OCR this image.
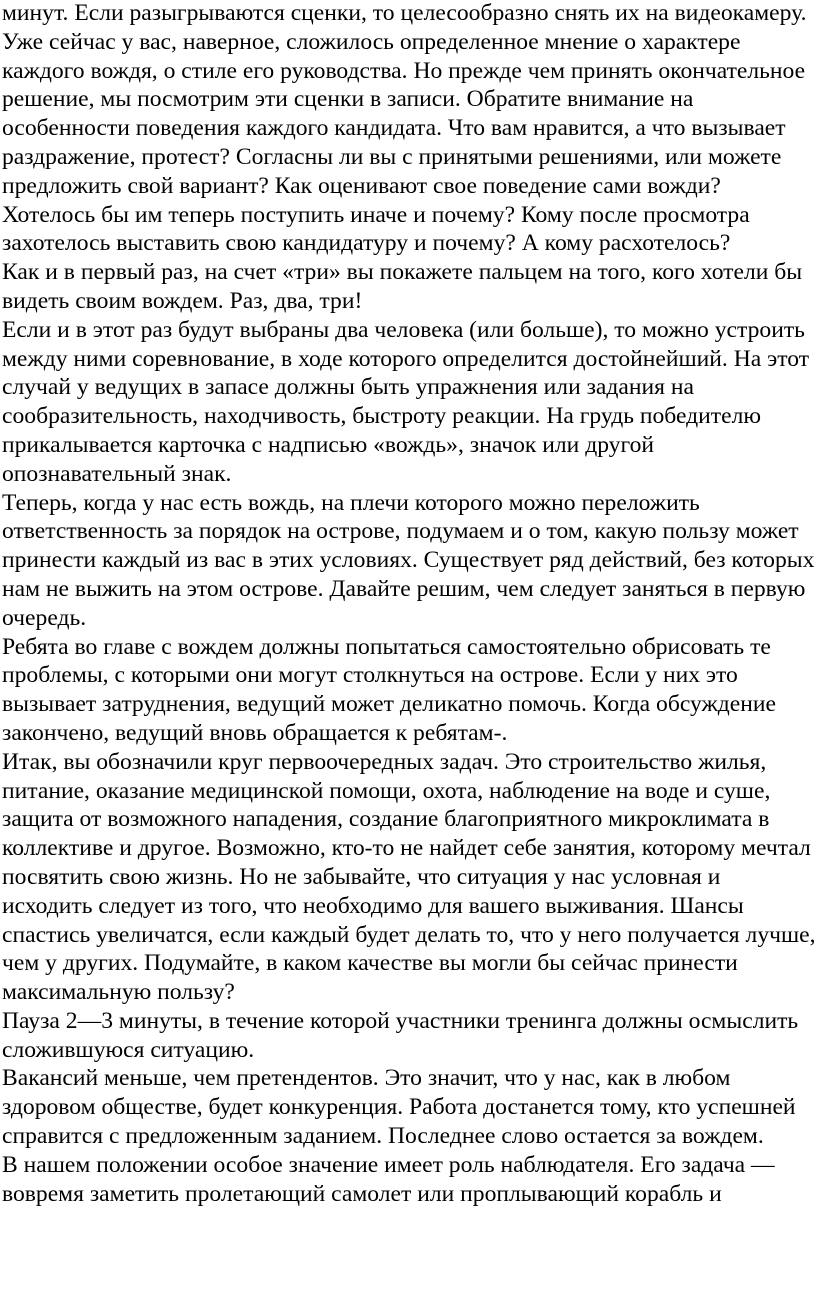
минут. Если разыгрываются сценки, то целесообразно снять их на видеокамеру.

Уже сейчас у вас, наверное, сложилось определенное мнение о характере каждого вождя, о стиле его руководства. Но прежде чем принять окончательное решение, мы посмотрим эти сценки в записи. Обратите внимание на особенности поведения каждого кандидата. Что вам нравится, а что вызывает раздражение, протест? Согласны ли вы с принятыми решениями, или можете предложить свой вариант? Как оценивают свое поведение сами вожди? Хотелось бы им теперь поступить иначе и почему? Кому после просмотра захотелось выставить свою кандидатуру и почему? А кому расхотелось?

Как и в первый раз, на счет «три» вы покажете пальцем на того, кого хотели бы видеть своим вождем. Раз, два, три!

Если и в этот раз будут выбраны два человека (или больше), то можно устроить между ними соревнование, в ходе которого определится достойнейший. На этот случай у ведущих в запасе должны быть упражнения или задания на сообразительность, находчивость, быстроту реакции. На грудь победителю прикалывается карточка с надписью «вождь», значок или другой опознавательный знак.

Теперь, когда у нас есть вождь, на плечи которого можно переложить ответственность за порядок на острове, подумаем и о том, какую пользу может принести каждый из вас в этих условиях. Существует ряд действий, без которых нам не выжить на этом острове. Давайте решим, чем следует заняться в первую очередь.

Ребята во главе с вождем должны попытаться самостоятельно обрисовать те проблемы, с которыми они могут столкнуться на острове. Если у них это вызывает затруднения, ведущий может деликатно помочь. Когда обсуждение закончено, ведущий вновь обращается к ребятам-.

Итак, вы обозначили круг первоочередных задач. Это строительство жилья, питание, оказание медицинской помощи, охота, наблюдение на воде и суше, защита от возможного нападения, создание благоприятного микроклимата в коллективе и другое. Возможно, кто-то не найдет себе занятия, которому мечтал посвятить свою жизнь. Но не забывайте, что ситуация у нас условная и исходить следует из того, что необходимо для вашего выживания. Шансы спастись увеличатся, если каждый будет делать то, что у него получается лучше, чем у других. Подумайте, в каком качестве вы могли бы сейчас принести максимальную пользу?

Пауза 2—3 минуты, в течение которой участники тренинга должны осмыслить сложившуюся ситуацию.

Вакансий меньше, чем претендентов. Это значит, что у нас, как в любом здоровом обществе, будет конкуренция. Работа достанется тому, кто успешней справится с предложенным заданием. Последнее слово остается за вождем.

В нашем положении особое значение имеет роль наблюдателя. Его задача — вовремя заметить пролетающий самолет или проплывающий корабль и
